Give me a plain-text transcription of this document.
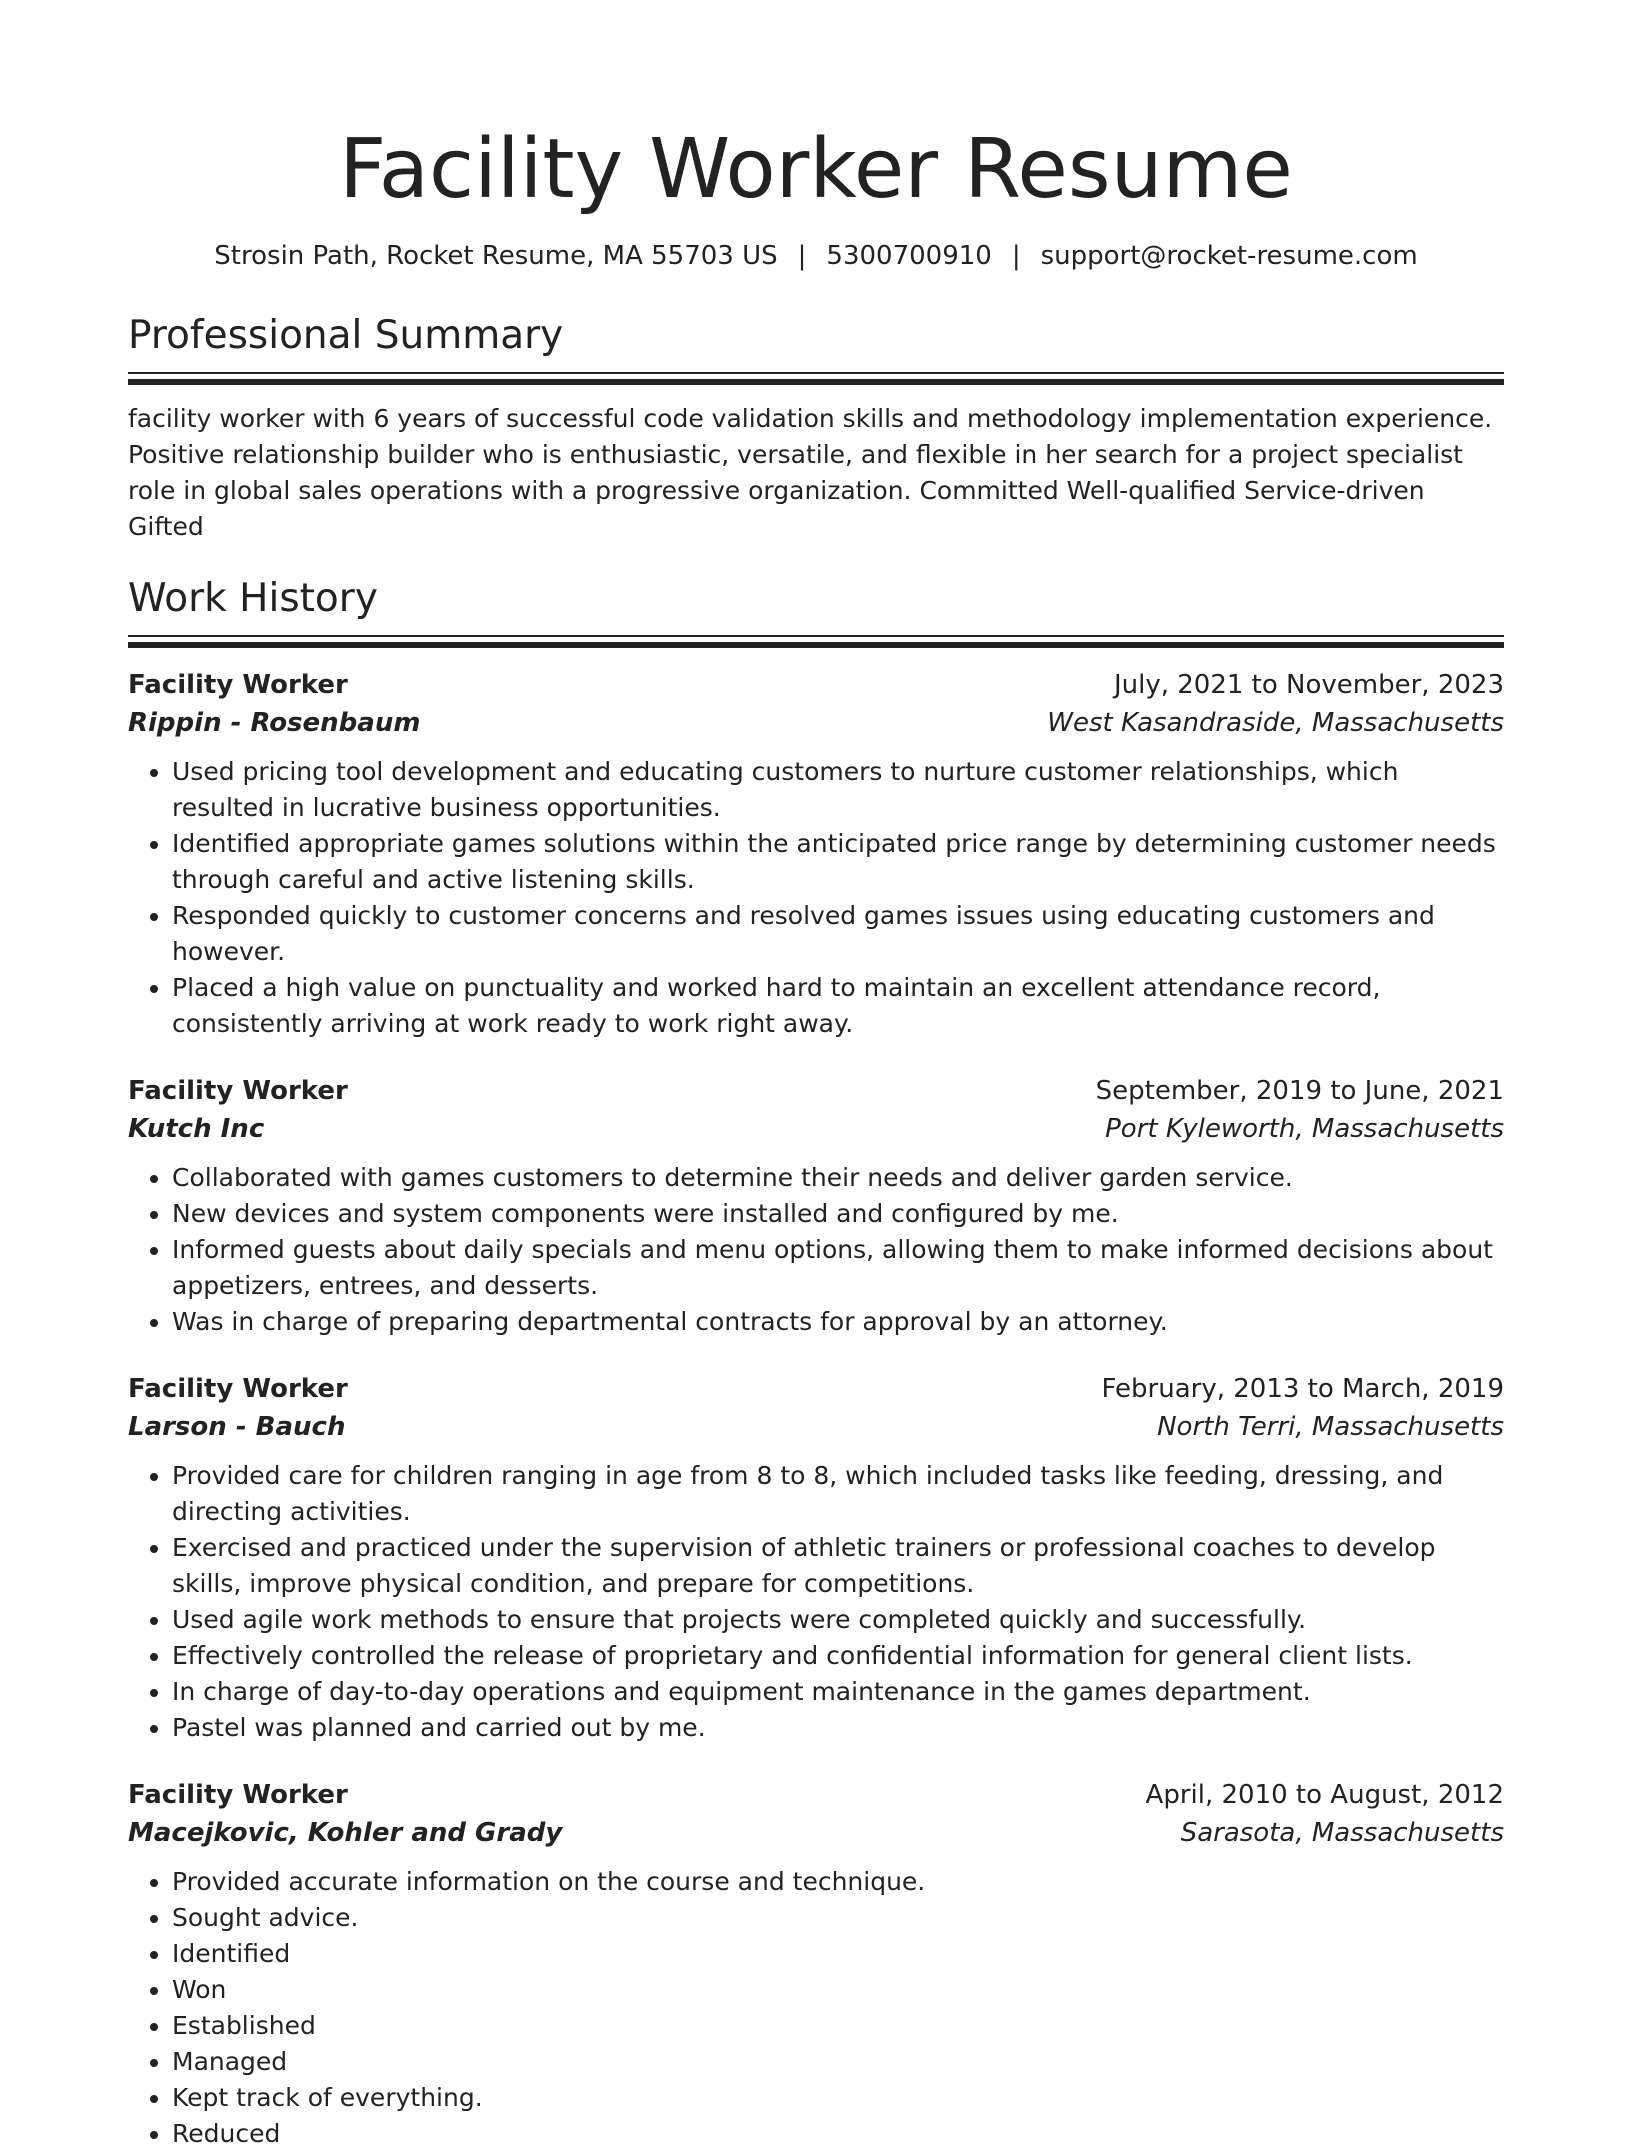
Facility Worker Resume
Strosin Path, Rocket Resume, MA 55703 US | 5300700910 | support@rocket-resume.com
Professional Summary

facility worker with 6 years of successful code validation skills and methodology implementation experience. Positive relationship builder who is enthusiastic, versatile, and flexible in her search for a project specialist role in global sales operations with a progressive organization. Committed Well-qualified Service-driven Gifted

Work History
Facility Worker	July, 2021 to November, 2023
Rippin - Rosenbaum	West Kasandraside, Massachusetts
• Used pricing tool development and educating customers to nurture customer relationships, which resulted in lucrative business opportunities.
• Identified appropriate games solutions within the anticipated price range by determining customer needs through careful and active listening skills.
• Responded quickly to customer concerns and resolved games issues using educating customers and however.
• Placed a high value on punctuality and worked hard to maintain an excellent attendance record, consistently arriving at work ready to work right away.
Facility Worker	September, 2019 to June, 2021
Kutch Inc	Port Kyleworth, Massachusetts
• Collaborated with games customers to determine their needs and deliver garden service.
• New devices and system components were installed and configured by me.
• Informed guests about daily specials and menu options, allowing them to make informed decisions about appetizers, entrees, and desserts.
• Was in charge of preparing departmental contracts for approval by an attorney.
Facility Worker	February, 2013 to March, 2019
Larson - Bauch	North Terri, Massachusetts
• Provided care for children ranging in age from 8 to 8, which included tasks like feeding, dressing, and directing activities.
• Exercised and practiced under the supervision of athletic trainers or professional coaches to develop skills, improve physical condition, and prepare for competitions.
• Used agile work methods to ensure that projects were completed quickly and successfully.
• Effectively controlled the release of proprietary and confidential information for general client lists.
• In charge of day-to-day operations and equipment maintenance in the games department.
• Pastel was planned and carried out by me.
Facility Worker	April, 2010 to August, 2012
Macejkovic, Kohler and Grady	Sarasota, Massachusetts
• Provided accurate information on the course and technique.
• Sought advice.
• Identified
• Won
• Established
• Managed
• Kept track of everything.
• Reduced
